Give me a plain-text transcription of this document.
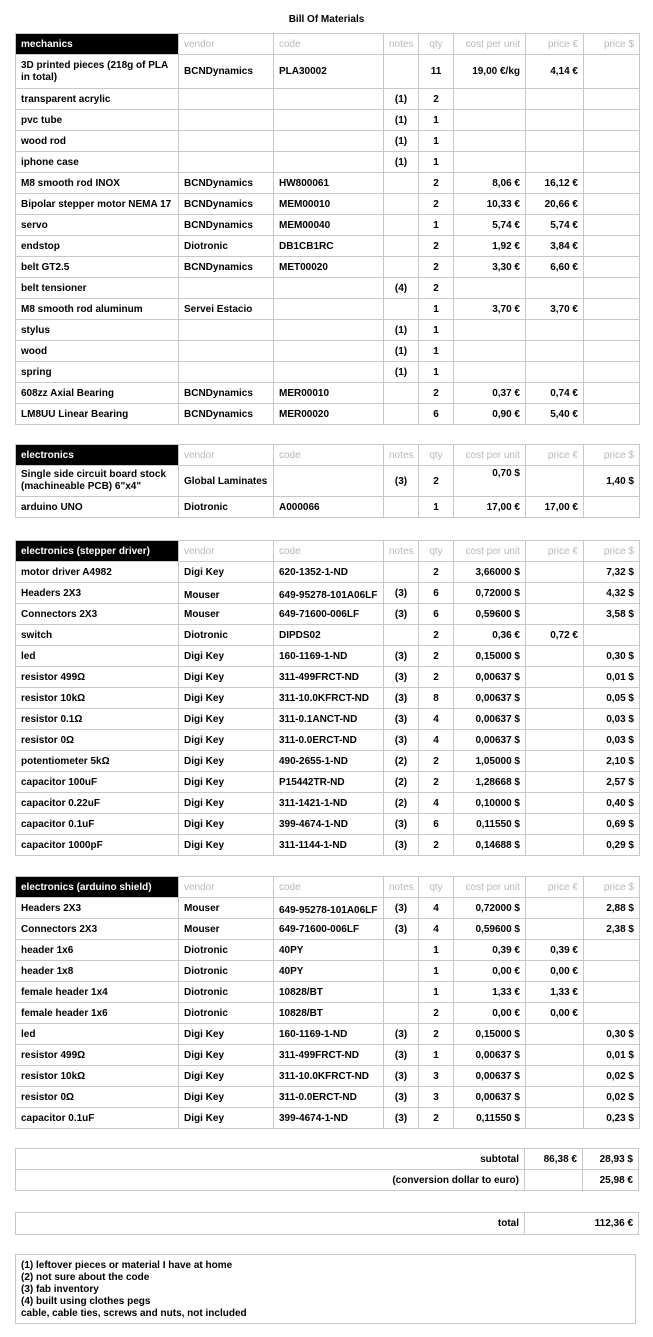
Bill Of Materials
mechanics	vendor	code	notes	qty	cost per unit	price €	price $
3D printed pieces (218g of PLA in total)	BCNDynamics	PLA30002		11	19,00 €/kg	4,14 €	
transparent acrylic			(1)	2			
pvc tube			(1)	1			
wood rod			(1)	1			
iphone case			(1)	1			
M8 smooth rod INOX	BCNDynamics	HW800061		2	8,06 €	16,12 €	
Bipolar stepper motor NEMA 17	BCNDynamics	MEM00010		2	10,33 €	20,66 €	
servo	BCNDynamics	MEM00040		1	5,74 €	5,74 €	
endstop	Diotronic	DB1CB1RC		2	1,92 €	3,84 €	
belt GT2.5	BCNDynamics	MET00020		2	3,30 €	6,60 €	
belt tensioner			(4)	2			
M8 smooth rod aluminum	Servei Estacio			1	3,70 €	3,70 €	
stylus			(1)	1			
wood			(1)	1			
spring			(1)	1			
608zz Axial Bearing	BCNDynamics	MER00010		2	0,37 €	0,74 €	
LM8UU Linear Bearing	BCNDynamics	MER00020		6	0,90 €	5,40 €	
electronics	vendor	code	notes	qty	cost per unit	price €	price $
Single side circuit board stock (machineable PCB) 6"x4"	Global Laminates		(3)	2	0,70 $		1,40 $
arduino UNO	Diotronic	A000066		1	17,00 €	17,00 €	
electronics (stepper driver)	vendor	code	notes	qty	cost per unit	price €	price $
motor driver A4982	Digi Key	620-1352-1-ND		2	3,66000 $		7,32 $
Headers 2X3	Mouser	649-95278-101A06LF	(3)	6	0,72000 $		4,32 $
Connectors 2X3	Mouser	649-71600-006LF	(3)	6	0,59600 $		3,58 $
switch	Diotronic	DIPDS02		2	0,36 €	0,72 €	
led	Digi Key	160-1169-1-ND	(3)	2	0,15000 $		0,30 $
resistor 499Ω	Digi Key	311-499FRCT-ND	(3)	2	0,00637 $		0,01 $
resistor 10kΩ	Digi Key	311-10.0KFRCT-ND	(3)	8	0,00637 $		0,05 $
resistor 0.1Ω	Digi Key	311-0.1ANCT-ND	(3)	4	0,00637 $		0,03 $
resistor 0Ω	Digi Key	311-0.0ERCT-ND	(3)	4	0,00637 $		0,03 $
potentiometer 5kΩ	Digi Key	490-2655-1-ND	(2)	2	1,05000 $		2,10 $
capacitor 100uF	Digi Key	P15442TR-ND	(2)	2	1,28668 $		2,57 $
capacitor 0.22uF	Digi Key	311-1421-1-ND	(2)	4	0,10000 $		0,40 $
capacitor 0.1uF	Digi Key	399-4674-1-ND	(3)	6	0,11550 $		0,69 $
capacitor 1000pF	Digi Key	311-1144-1-ND	(3)	2	0,14688 $		0,29 $
electronics (arduino shield)	vendor	code	notes	qty	cost per unit	price €	price $
Headers 2X3	Mouser	649-95278-101A06LF	(3)	4	0,72000 $		2,88 $
Connectors 2X3	Mouser	649-71600-006LF	(3)	4	0,59600 $		2,38 $
header 1x6	Diotronic	40PY		1	0,39 €	0,39 €	
header 1x8	Diotronic	40PY		1	0,00 €	0,00 €	
female header 1x4	Diotronic	10828/BT		1	1,33 €	1,33 €	
female header 1x6	Diotronic	10828/BT		2	0,00 €	0,00 €	
led	Digi Key	160-1169-1-ND	(3)	2	0,15000 $		0,30 $
resistor 499Ω	Digi Key	311-499FRCT-ND	(3)	1	0,00637 $		0,01 $
resistor 10kΩ	Digi Key	311-10.0KFRCT-ND	(3)	3	0,00637 $		0,02 $
resistor 0Ω	Digi Key	311-0.0ERCT-ND	(3)	3	0,00637 $		0,02 $
capacitor 0.1uF	Digi Key	399-4674-1-ND	(3)	2	0,11550 $		0,23 $
subtotal	86,38 €	28,93 $
(conversion dollar to euro)		25,98 €
total	112,36 €
(1) leftover pieces or material I have at home
(2) not sure about the code
(3) fab inventory
(4) built using clothes pegs
cable, cable ties, screws and nuts, not included
